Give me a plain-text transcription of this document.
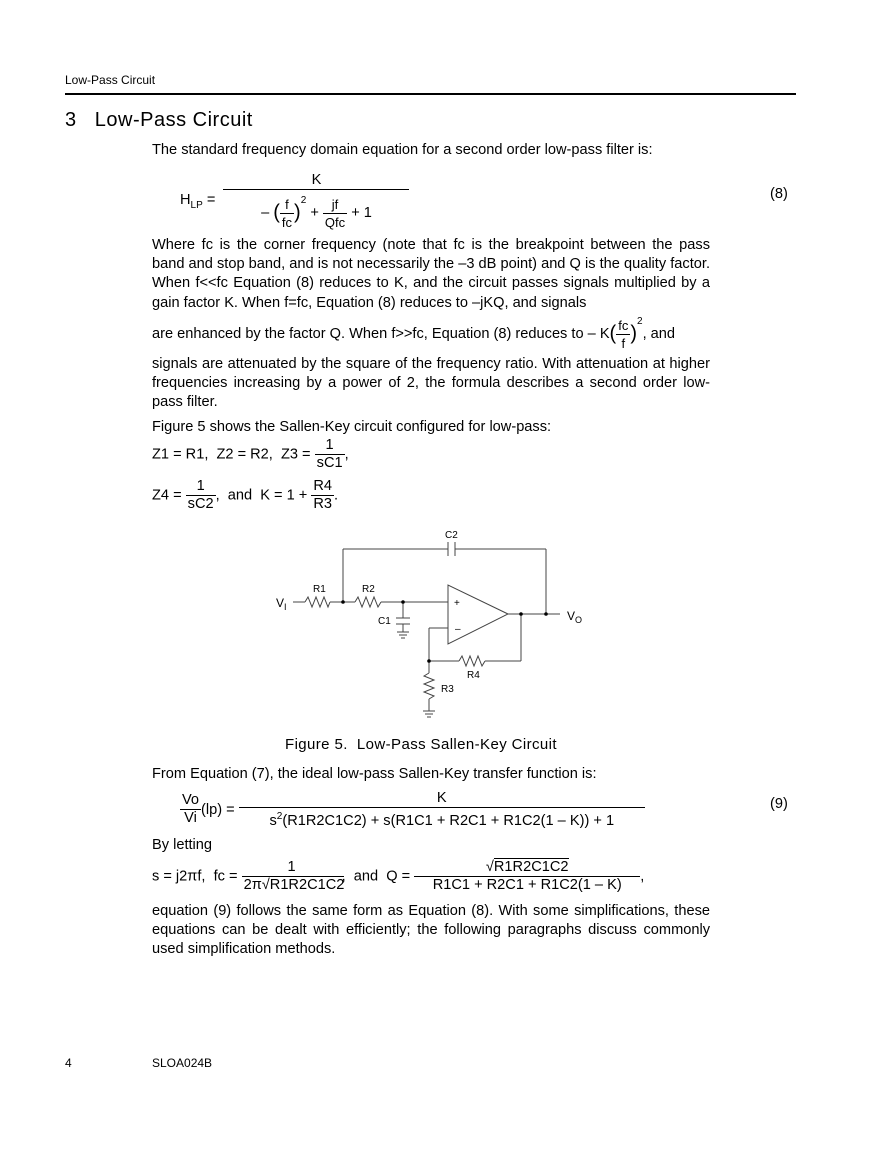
Low-Pass Circuit
3 Low-Pass Circuit
The standard frequency domain equation for a second order low-pass filter is:
$H_{LP} = \frac{K}{- ( \frac{f}{fc} )^2 + \frac{jf}{\text{Qfc}} + 1}$	(8)
Where fc is the corner frequency (note that fc is the breakpoint between the pass band and stop band, and is not necessarily the –3 dB point) and Q is the quality factor. When f<<fc Equation (8) reduces to K, and the circuit passes signals multiplied by a gain factor K. When f=fc, Equation (8) reduces to –jKQ, and signals
are enhanced by the factor Q. When f>>fc, Equation (8) reduces to – $K( \frac{fc}{f} )^2$, and
signals are attenuated by the square of the frequency ratio. With attenuation at higher frequencies increasing by a power of 2, the formula describes a second order low-pass filter.
Figure 5 shows the Sallen-Key circuit configured for low-pass:
Z1 = R1,  Z2 = R2,  $Z3 = \frac{1}{sC1}$ ,
$Z4 = \frac{1}{sC2}$ ,  and  $K = 1 + \frac{R4}{R3}$ .
C2
R1	R2
C1
R4
R3
+
–
$V_I$
$V_O$
Figure 5.  Low-Pass Sallen-Key Circuit
From Equation (7), the ideal low-pass Sallen-Key transfer function is:
$\frac{Vo}{Vi} (lp) = \frac{K}{s^2(R1R2C1C2) + s(R1C1 + R2C1 + R1C2(1 - K)) + 1}$	(9)
By letting
s = j2πf,  fc = $\frac{1}{2\pi√R1R2C1C2}$ ,  and  $Q = \frac{√R1R2C1C2}{R1C1 + R2C1 + R1C2(1 - K)}$ ,
equation (9) follows the same form as Equation (8). With some simplifications, these equations can be dealt with efficiently; the following paragraphs discuss commonly used simplification methods.
4	SLOA024B
